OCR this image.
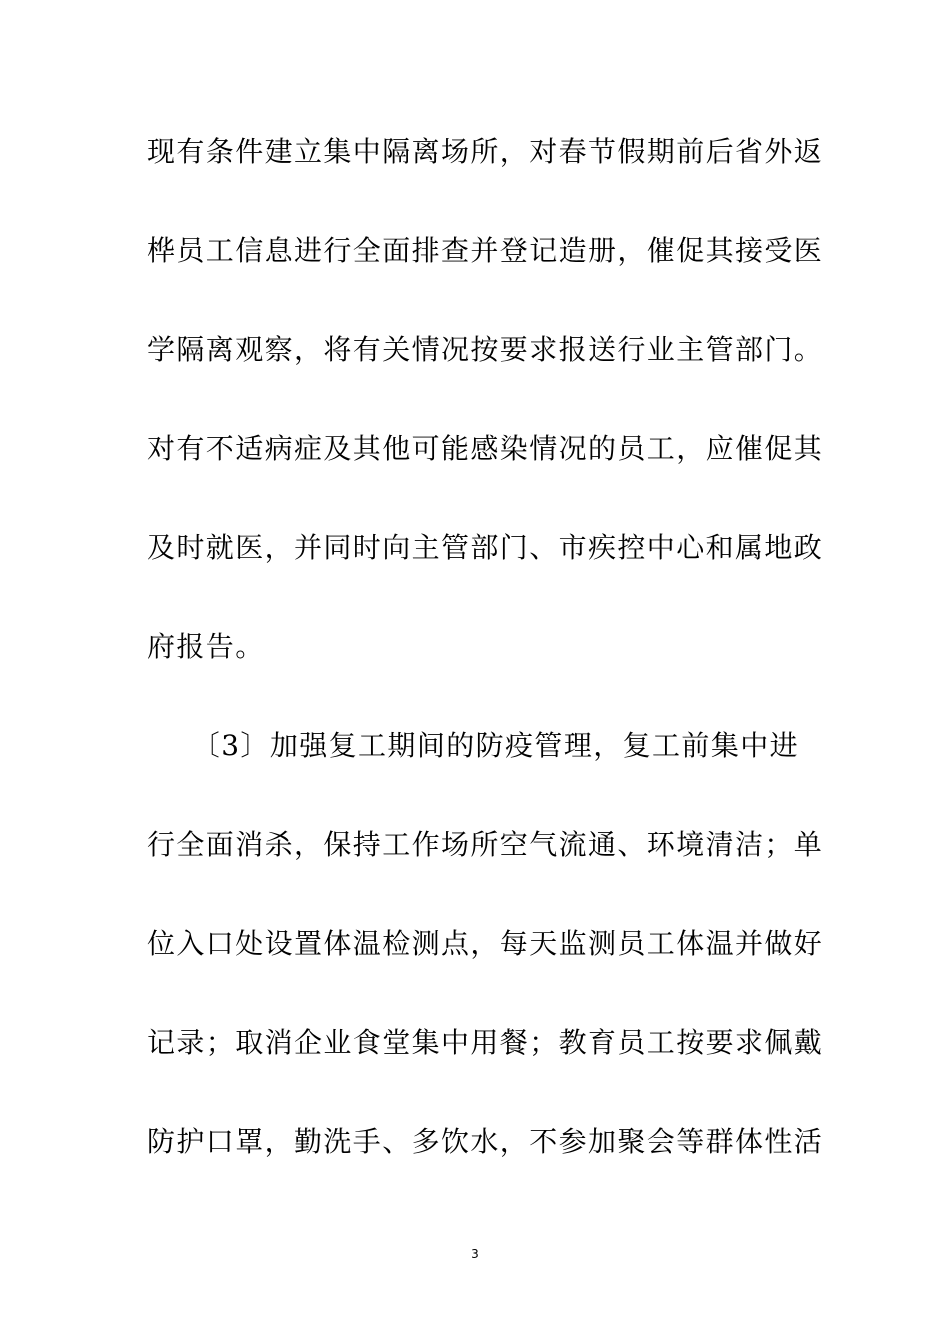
现有条件建立集中隔离场所，对春节假期前后省外返
桦员工信息进行全面排查并登记造册，催促其接受医
学隔离观察，将有关情况按要求报送行业主管部门。
对有不适病症及其他可能感染情况的员工，应催促其
及时就医，并同时向主管部门、市疾控中心和属地政
府报告。
　　〔3〕加强复工期间的防疫管理，复工前集中进
行全面消杀，保持工作场所空气流通、环境清洁；单
位入口处设置体温检测点，每天监测员工体温并做好
记录；取消企业食堂集中用餐；教育员工按要求佩戴
防护口罩，勤洗手、多饮水，不参加聚会等群体性活
3
